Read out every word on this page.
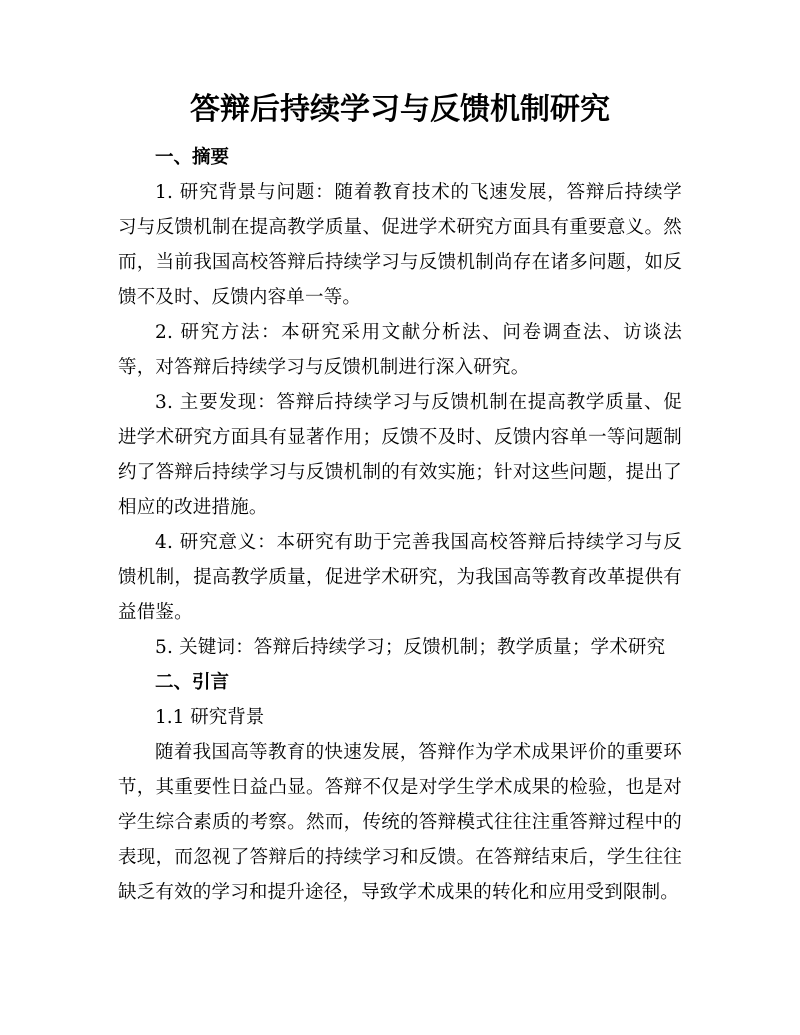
答辩后持续学习与反馈机制研究
一、摘要

1. 研究背景与问题：随着教育技术的飞速发展，答辩后持续学习与反馈机制在提高教学质量、促进学术研究方面具有重要意义。然而，当前我国高校答辩后持续学习与反馈机制尚存在诸多问题，如反馈不及时、反馈内容单一等。

2. 研究方法：本研究采用文献分析法、问卷调查法、访谈法等，对答辩后持续学习与反馈机制进行深入研究。

3. 主要发现：答辩后持续学习与反馈机制在提高教学质量、促进学术研究方面具有显著作用；反馈不及时、反馈内容单一等问题制约了答辩后持续学习与反馈机制的有效实施；针对这些问题，提出了相应的改进措施。

4. 研究意义：本研究有助于完善我国高校答辩后持续学习与反馈机制，提高教学质量，促进学术研究，为我国高等教育改革提供有益借鉴。

5. 关键词：答辩后持续学习；反馈机制；教学质量；学术研究

二、引言

1.1 研究背景

随着我国高等教育的快速发展，答辩作为学术成果评价的重要环节，其重要性日益凸显。答辩不仅是对学生学术成果的检验，也是对学生综合素质的考察。然而，传统的答辩模式往往注重答辩过程中的表现，而忽视了答辩后的持续学习和反馈。在答辩结束后，学生往往缺乏有效的学习和提升途径，导致学术成果的转化和应用受到限制。
